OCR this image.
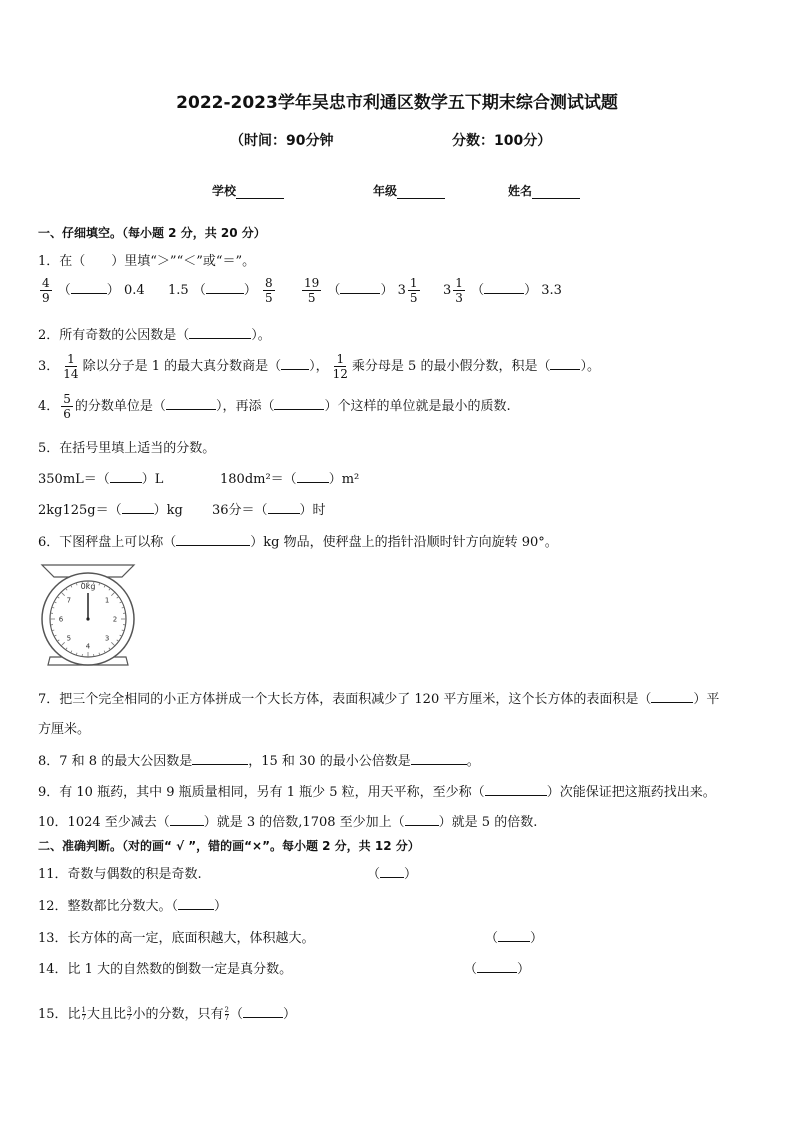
2022-2023学年吴忠市利通区数学五下期末综合测试试题
（时间：90分钟	分数：100分）
学校	年级	姓名
一、仔细填空。（每小题 2 分，共 20 分）
1．在（　　）里填“＞”“＜”或“＝”。
$\frac{4}{9}$ （	） 0.4 1.5 （	） $\frac{8}{5} \frac{19}{5}$ （	） $3 \frac{1}{5} 3 \frac{1}{3}$ （	） 3.3
2．所有奇数的公因数是（	）。
3． $\frac{1}{14}$ 除以分子是 1 的最大真分数商是（ ）， $\frac{1}{12}$ 乘分母是 5 的最小假分数，积是（ ）。
4． $\frac{5}{6}$ 的分数单位是（	），再添（	）个这样的单位就是最小的质数.
5．在括号里填上适当的分数。
350mL＝（ ）L	180dm²＝（ ）m²
2kg125g＝（ ）kg 36分＝（ ）时
6．下图秤盘上可以称（	）kg 物品，使秤盘上的指针沿顺时针方向旋转 90°。
0kg
1
2
3
4
5
6
7
7．把三个完全相同的小正方体拼成一个大长方体，表面积减少了 120 平方厘米，这个长方体的表面积是（	）平
方厘米。
8．7 和 8 的最大公因数是	，15 和 30 的最小公倍数是	。
9．有 10 瓶药，其中 9 瓶质量相同，另有 1 瓶少 5 粒，用天平称，至少称（	）次能保证把这瓶药找出来。
10．1024 至少减去（	）就是 3 的倍数,1708 至少加上（	）就是 5 的倍数.
二、准确判断。（对的画“ √ ”，错的画“×”。每小题 2 分，共 12 分）
11．奇数与偶数的积是奇数.	（ ）
12．整数都比分数大。（	）
13．长方体的高一定，底面积越大，体积越大。	（ ）
14．比 1 大的自然数的倒数一定是真分数。	（	）
15．比 $\frac{1}{7}$ 大且比 $\frac{3}{7}$ 小的分数，只有 $\frac{2}{7}$ （	）
